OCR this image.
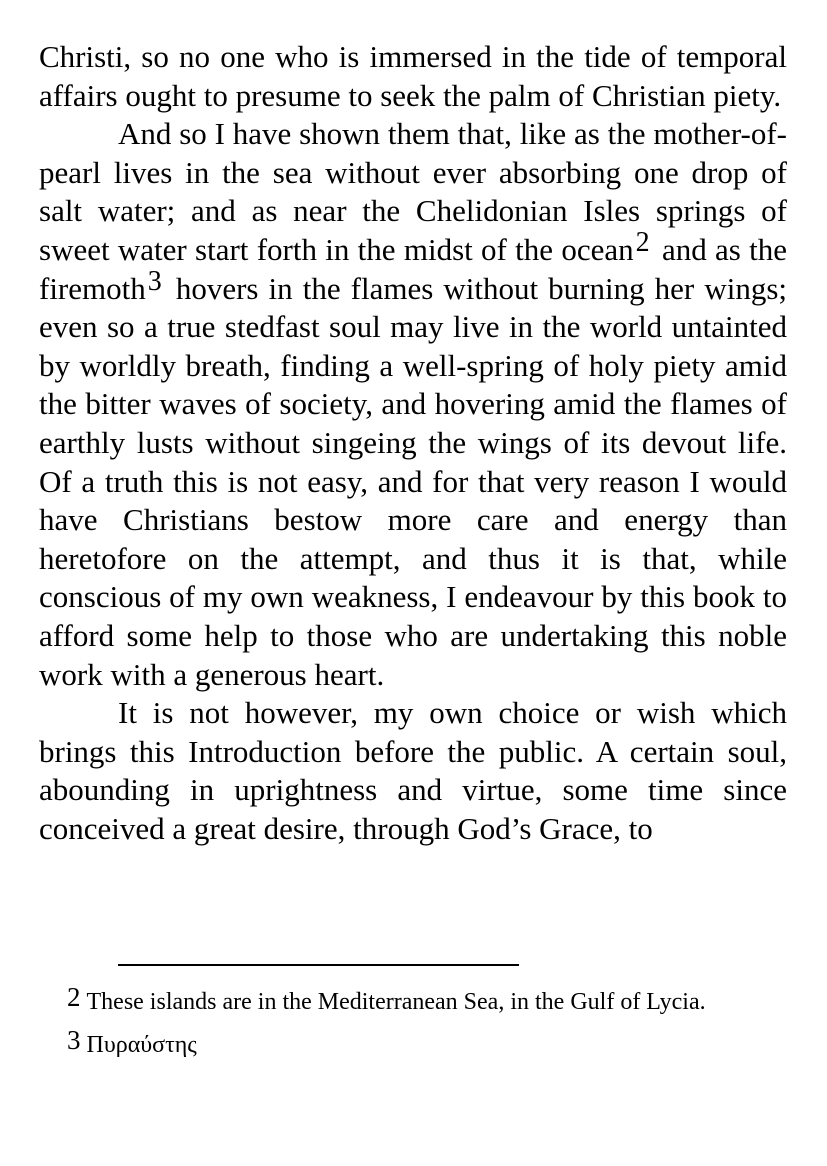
Christi, so no one who is immersed in the tide of temporal affairs ought to presume to seek the palm of Christian piety.

And so I have shown them that, like as the mother-of-pearl lives in the sea without ever absorbing one drop of salt water; and as near the Chelidonian Isles springs of sweet water start forth in the midst of the ocean2 and as the firemoth3 hovers in the flames without burning her wings; even so a true stedfast soul may live in the world untainted by worldly breath, finding a well-spring of holy piety amid the bitter waves of society, and hovering amid the flames of earthly lusts without singeing the wings of its devout life. Of a truth this is not easy, and for that very reason I would have Christians bestow more care and energy than heretofore on the attempt, and thus it is that, while conscious of my own weakness, I endeavour by this book to afford some help to those who are undertaking this noble work with a generous heart.

It is not however, my own choice or wish which brings this Introduction before the public. A certain soul, abounding in uprightness and virtue, some time since conceived a great desire, through God’s Grace, to

2 These islands are in the Mediterranean Sea, in the Gulf of Lycia.

3 Πυραύστης
